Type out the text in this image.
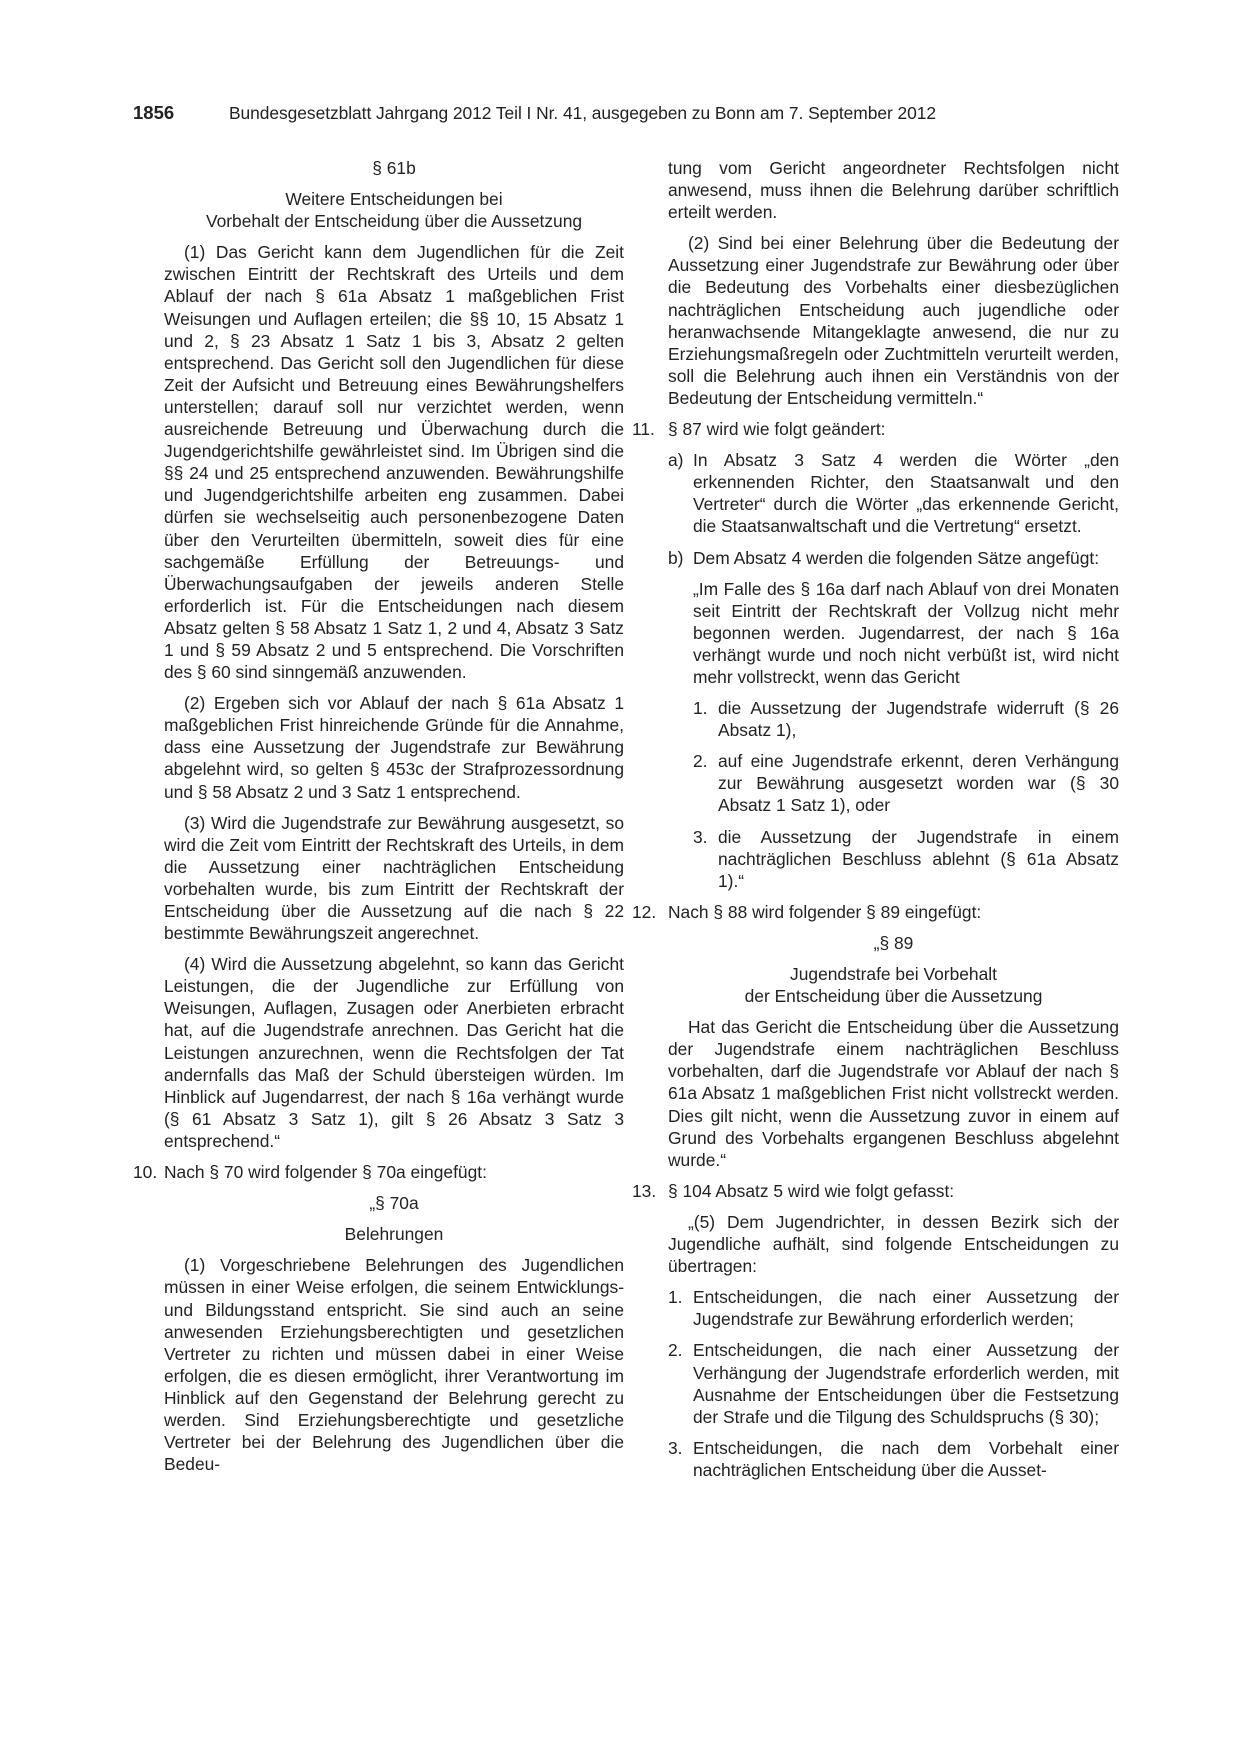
1856	Bundesgesetzblatt Jahrgang 2012 Teil I Nr. 41, ausgegeben zu Bonn am 7. September 2012

§ 61b

Weitere Entscheidungen bei

Vorbehalt der Entscheidung über die Aussetzung

(1) Das Gericht kann dem Jugendlichen für die Zeit zwischen Eintritt der Rechtskraft des Urteils und dem Ablauf der nach § 61a Absatz 1 maßgeblichen Frist Weisungen und Auflagen erteilen; die §§ 10, 15 Absatz 1 und 2, § 23 Absatz 1 Satz 1 bis 3, Absatz 2 gelten entsprechend. Das Gericht soll den Jugendlichen für diese Zeit der Aufsicht und Betreuung eines Bewährungshelfers unterstellen; darauf soll nur verzichtet werden, wenn ausreichende Betreuung und Überwachung durch die Jugendgerichtshilfe gewährleistet sind. Im Übrigen sind die §§ 24 und 25 entsprechend anzuwenden. Bewährungshilfe und Jugendgerichtshilfe arbeiten eng zusammen. Dabei dürfen sie wechselseitig auch personenbezogene Daten über den Verurteilten übermitteln, soweit dies für eine sachgemäße Erfüllung der Betreuungs- und Überwachungsaufgaben der jeweils anderen Stelle erforderlich ist. Für die Entscheidungen nach diesem Absatz gelten § 58 Absatz 1 Satz 1, 2 und 4, Absatz 3 Satz 1 und § 59 Absatz 2 und 5 entsprechend. Die Vorschriften des § 60 sind sinngemäß anzuwenden.

(2) Ergeben sich vor Ablauf der nach § 61a Absatz 1 maßgeblichen Frist hinreichende Gründe für die Annahme, dass eine Aussetzung der Jugendstrafe zur Bewährung abgelehnt wird, so gelten § 453c der Strafprozessordnung und § 58 Absatz 2 und 3 Satz 1 entsprechend.

(3) Wird die Jugendstrafe zur Bewährung ausgesetzt, so wird die Zeit vom Eintritt der Rechtskraft des Urteils, in dem die Aussetzung einer nachträglichen Entscheidung vorbehalten wurde, bis zum Eintritt der Rechtskraft der Entscheidung über die Aussetzung auf die nach § 22 bestimmte Bewährungszeit angerechnet.

(4) Wird die Aussetzung abgelehnt, so kann das Gericht Leistungen, die der Jugendliche zur Erfüllung von Weisungen, Auflagen, Zusagen oder Anerbieten erbracht hat, auf die Jugendstrafe anrechnen. Das Gericht hat die Leistungen anzurechnen, wenn die Rechtsfolgen der Tat andernfalls das Maß der Schuld übersteigen würden. Im Hinblick auf Jugendarrest, der nach § 16a verhängt wurde (§ 61 Absatz 3 Satz 1), gilt § 26 Absatz 3 Satz 3 entsprechend.“

10. Nach § 70 wird folgender § 70a eingefügt:

„§ 70a

Belehrungen

(1) Vorgeschriebene Belehrungen des Jugendlichen müssen in einer Weise erfolgen, die seinem Entwicklungs- und Bildungsstand entspricht. Sie sind auch an seine anwesenden Erziehungsberechtigten und gesetzlichen Vertreter zu richten und müssen dabei in einer Weise erfolgen, die es diesen ermöglicht, ihrer Verantwortung im Hinblick auf den Gegenstand der Belehrung gerecht zu werden. Sind Erziehungsberechtigte und gesetzliche Vertreter bei der Belehrung des Jugendlichen über die Bedeu-

tung vom Gericht angeordneter Rechtsfolgen nicht anwesend, muss ihnen die Belehrung darüber schriftlich erteilt werden.

(2) Sind bei einer Belehrung über die Bedeutung der Aussetzung einer Jugendstrafe zur Bewährung oder über die Bedeutung des Vorbehalts einer diesbezüglichen nachträglichen Entscheidung auch jugendliche oder heranwachsende Mitangeklagte anwesend, die nur zu Erziehungsmaßregeln oder Zuchtmitteln verurteilt werden, soll die Belehrung auch ihnen ein Verständnis von der Bedeutung der Entscheidung vermitteln.“

11. § 87 wird wie folgt geändert:
a) In Absatz 3 Satz 4 werden die Wörter „den erkennenden Richter, den Staatsanwalt und den Vertreter“ durch die Wörter „das erkennende Gericht, die Staatsanwaltschaft und die Vertretung“ ersetzt.
b) Dem Absatz 4 werden die folgenden Sätze angefügt:

„Im Falle des § 16a darf nach Ablauf von drei Monaten seit Eintritt der Rechtskraft der Vollzug nicht mehr begonnen werden. Jugendarrest, der nach § 16a verhängt wurde und noch nicht verbüßt ist, wird nicht mehr vollstreckt, wenn das Gericht

1. die Aussetzung der Jugendstrafe widerruft (§ 26 Absatz 1),
2. auf eine Jugendstrafe erkennt, deren Verhängung zur Bewährung ausgesetzt worden war (§ 30 Absatz 1 Satz 1), oder
3. die Aussetzung der Jugendstrafe in einem nachträglichen Beschluss ablehnt (§ 61a Absatz 1).“
12. Nach § 88 wird folgender § 89 eingefügt:

„§ 89

Jugendstrafe bei Vorbehalt

der Entscheidung über die Aussetzung

Hat das Gericht die Entscheidung über die Aussetzung der Jugendstrafe einem nachträglichen Beschluss vorbehalten, darf die Jugendstrafe vor Ablauf der nach § 61a Absatz 1 maßgeblichen Frist nicht vollstreckt werden. Dies gilt nicht, wenn die Aussetzung zuvor in einem auf Grund des Vorbehalts ergangenen Beschluss abgelehnt wurde.“

13. § 104 Absatz 5 wird wie folgt gefasst:

„(5) Dem Jugendrichter, in dessen Bezirk sich der Jugendliche aufhält, sind folgende Entscheidungen zu übertragen:

1. Entscheidungen, die nach einer Aussetzung der Jugendstrafe zur Bewährung erforderlich werden;
2. Entscheidungen, die nach einer Aussetzung der Verhängung der Jugendstrafe erforderlich werden, mit Ausnahme der Entscheidungen über die Festsetzung der Strafe und die Tilgung des Schuldspruchs (§ 30);
3. Entscheidungen, die nach dem Vorbehalt einer nachträglichen Entscheidung über die Ausset-
